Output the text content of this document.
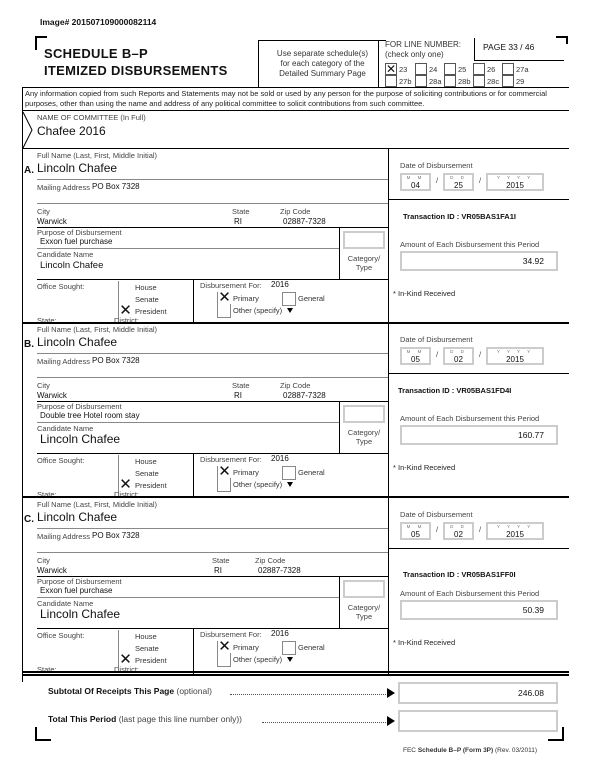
Image# 201507109000082114
SCHEDULE B–P
ITEMIZED DISBURSEMENTS
Use separate schedule(s)
for each category of the
Detailed Summary Page
FOR LINE NUMBER:
(check only one)
PAGE 33 / 46
✕ 23	24	25	26	27a
27b 28a 28b 28c 29
Any information copied from such Reports and Statements may not be sold or used by any person for the purpose of soliciting contributions or for commercial purposes, other than using the name and address of any political committee to solicit contributions from such committee.
NAME OF COMMITTEE (In Full)
Chafee 2016
Full Name (Last, First, Middle Initial)
A. Lincoln Chafee
Mailing Address PO Box 7328
City
Warwick
State
RI
Zip Code
02887-7328
Purpose of Disbursement
Exxon fuel purchase
Category/ Type
Candidate Name
Lincoln Chafee
Office Sought:	House
Senate
✕ President
State:	District:
Disbursement For: 2016
✕ Primary	General
Other (specify)
Date of Disbursement
M M
04
D D
25
Y Y Y Y
2015
/	/
Transaction ID : VR05BAS1FA1I
Amount of Each Disbursement this Period
34.92
* In-Kind Received
Full Name (Last, First, Middle Initial)
B. Lincoln Chafee
Mailing Address PO Box 7328
City
Warwick
State
RI
Zip Code
02887-7328
Purpose of Disbursement
Double tree Hotel room stay
Category/ Type
Candidate Name
Lincoln Chafee
Office Sought:	House
Senate
✕ President
State:	District:
Disbursement For: 2016
✕ Primary	General
Other (specify)
Date of Disbursement
M M
05
D D
02
Y Y Y Y
2015
/	/
Transaction ID : VR05BAS1FD4I
Amount of Each Disbursement this Period
160.77
* In-Kind Received
Full Name (Last, First, Middle Initial)
C. Lincoln Chafee
Mailing Address PO Box 7328
City
Warwick
State
RI
Zip Code
02887-7328
Purpose of Disbursement
Exxon fuel purchase
Category/ Type
Candidate Name
Lincoln Chafee
Office Sought:	House
Senate
✕ President
State:	District:
Disbursement For: 2016
✕ Primary	General
Other (specify)
Date of Disbursement
M M
05
D D
02
Y Y Y Y
2015
/	/
Transaction ID : VR05BAS1FF0I
Amount of Each Disbursement this Period
50.39
* In-Kind Received
Subtotal Of Receipts This Page (optional)	246.08
Total This Period (last page this line number only))
FEC Schedule B–P (Form 3P) (Rev. 03/2011)
